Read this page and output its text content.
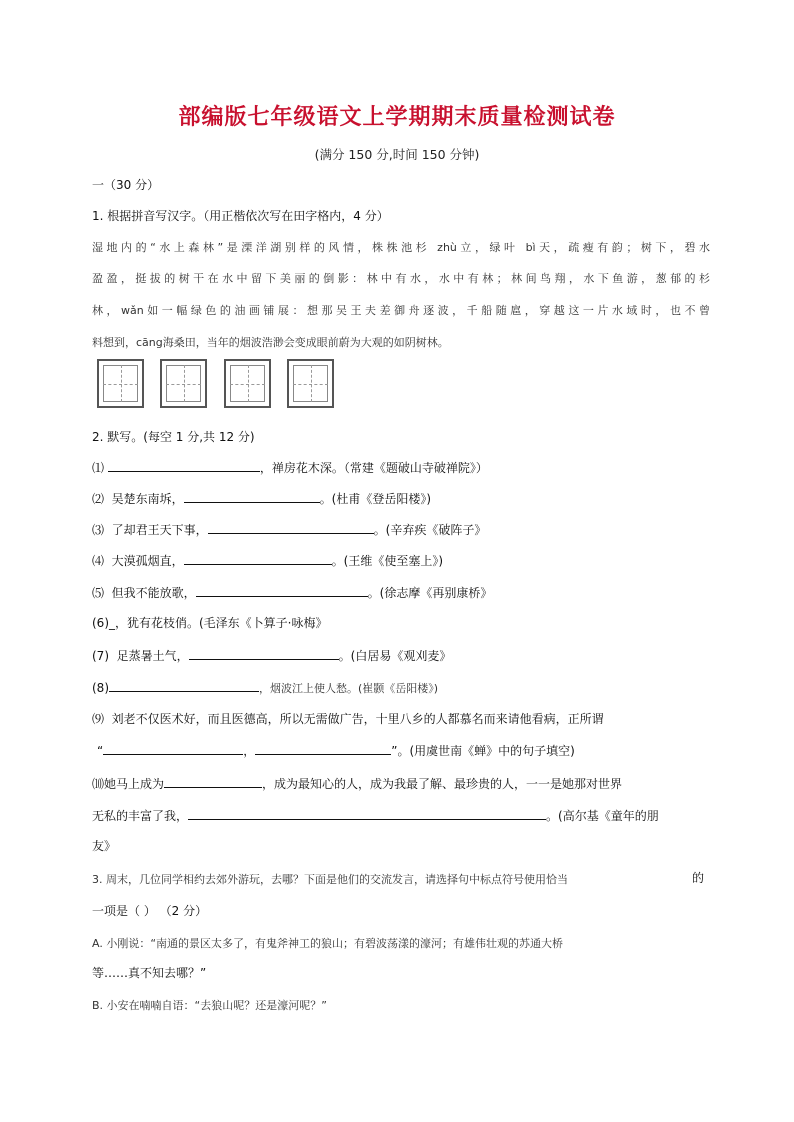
部编版七年级语文上学期期末质量检测试卷
(满分 150 分,时间 150 分钟)
一（30 分）
1. 根据拼音写汉字。（用正楷依次写在田字格内，4 分）
湿地内的“水上森林”是溧洋湖别样的风情，株株池杉 zhù立，绿叶 bì天，疏瘦有韵；树下，碧水
盈盈，挺拔的树干在水中留下美丽的倒影：林中有水，水中有林；林间鸟翔，水下鱼游，葱郁的杉
林，wǎn如一幅绿色的油画铺展：想那吴王夫差御舟逐波，千船随扈，穿越这一片水域时，也不曾
料想到，cāng海桑田，当年的烟波浩渺会变成眼前蔚为大观的如阴树林。
2. 默写。(每空 1 分,共 12 分)
⑴	，禅房花木深。（常建《题破山寺破禅院》）
⑵ 吴楚东南坼，	。(杜甫《登岳阳楼》)
⑶ 了却君王天下事，	。(辛弃疾《破阵子》
⑷ 大漠孤烟直，	。(王维《使至塞上》)
⑸ 但我不能放歌，	。(徐志摩《再别康桥》
(6)_，犹有花枝俏。(毛泽东《卜算子·咏梅》
(7) 足蒸暑土气，	。(白居易《观刈麦》
(8)	，烟波江上使人愁。(崔颢《岳阳楼》)
⑼ 刘老不仅医术好，而且医德高，所以无需做广告，十里八乡的人都慕名而来请他看病，正所谓
“	，	”。(用虞世南《蝉》中的句子填空)
⑽她马上成为	，成为最知心的人，成为我最了解、最珍贵的人，一一是她那对世界
无私的丰富了我，	。(高尔基《童年的朋
友》
3. 周末，几位同学相约去郊外游玩，去哪？下面是他们的交流发言，请选择句中标点符号使用恰当	的
一项是（ ） （2 分）
A. 小刚说：“南通的景区太多了，有鬼斧神工的狼山；有碧波荡漾的濠河；有雄伟壮观的苏通大桥
等……真不知去哪？”
B. 小安在喃喃自语：“去狼山呢？还是濠河呢？”
